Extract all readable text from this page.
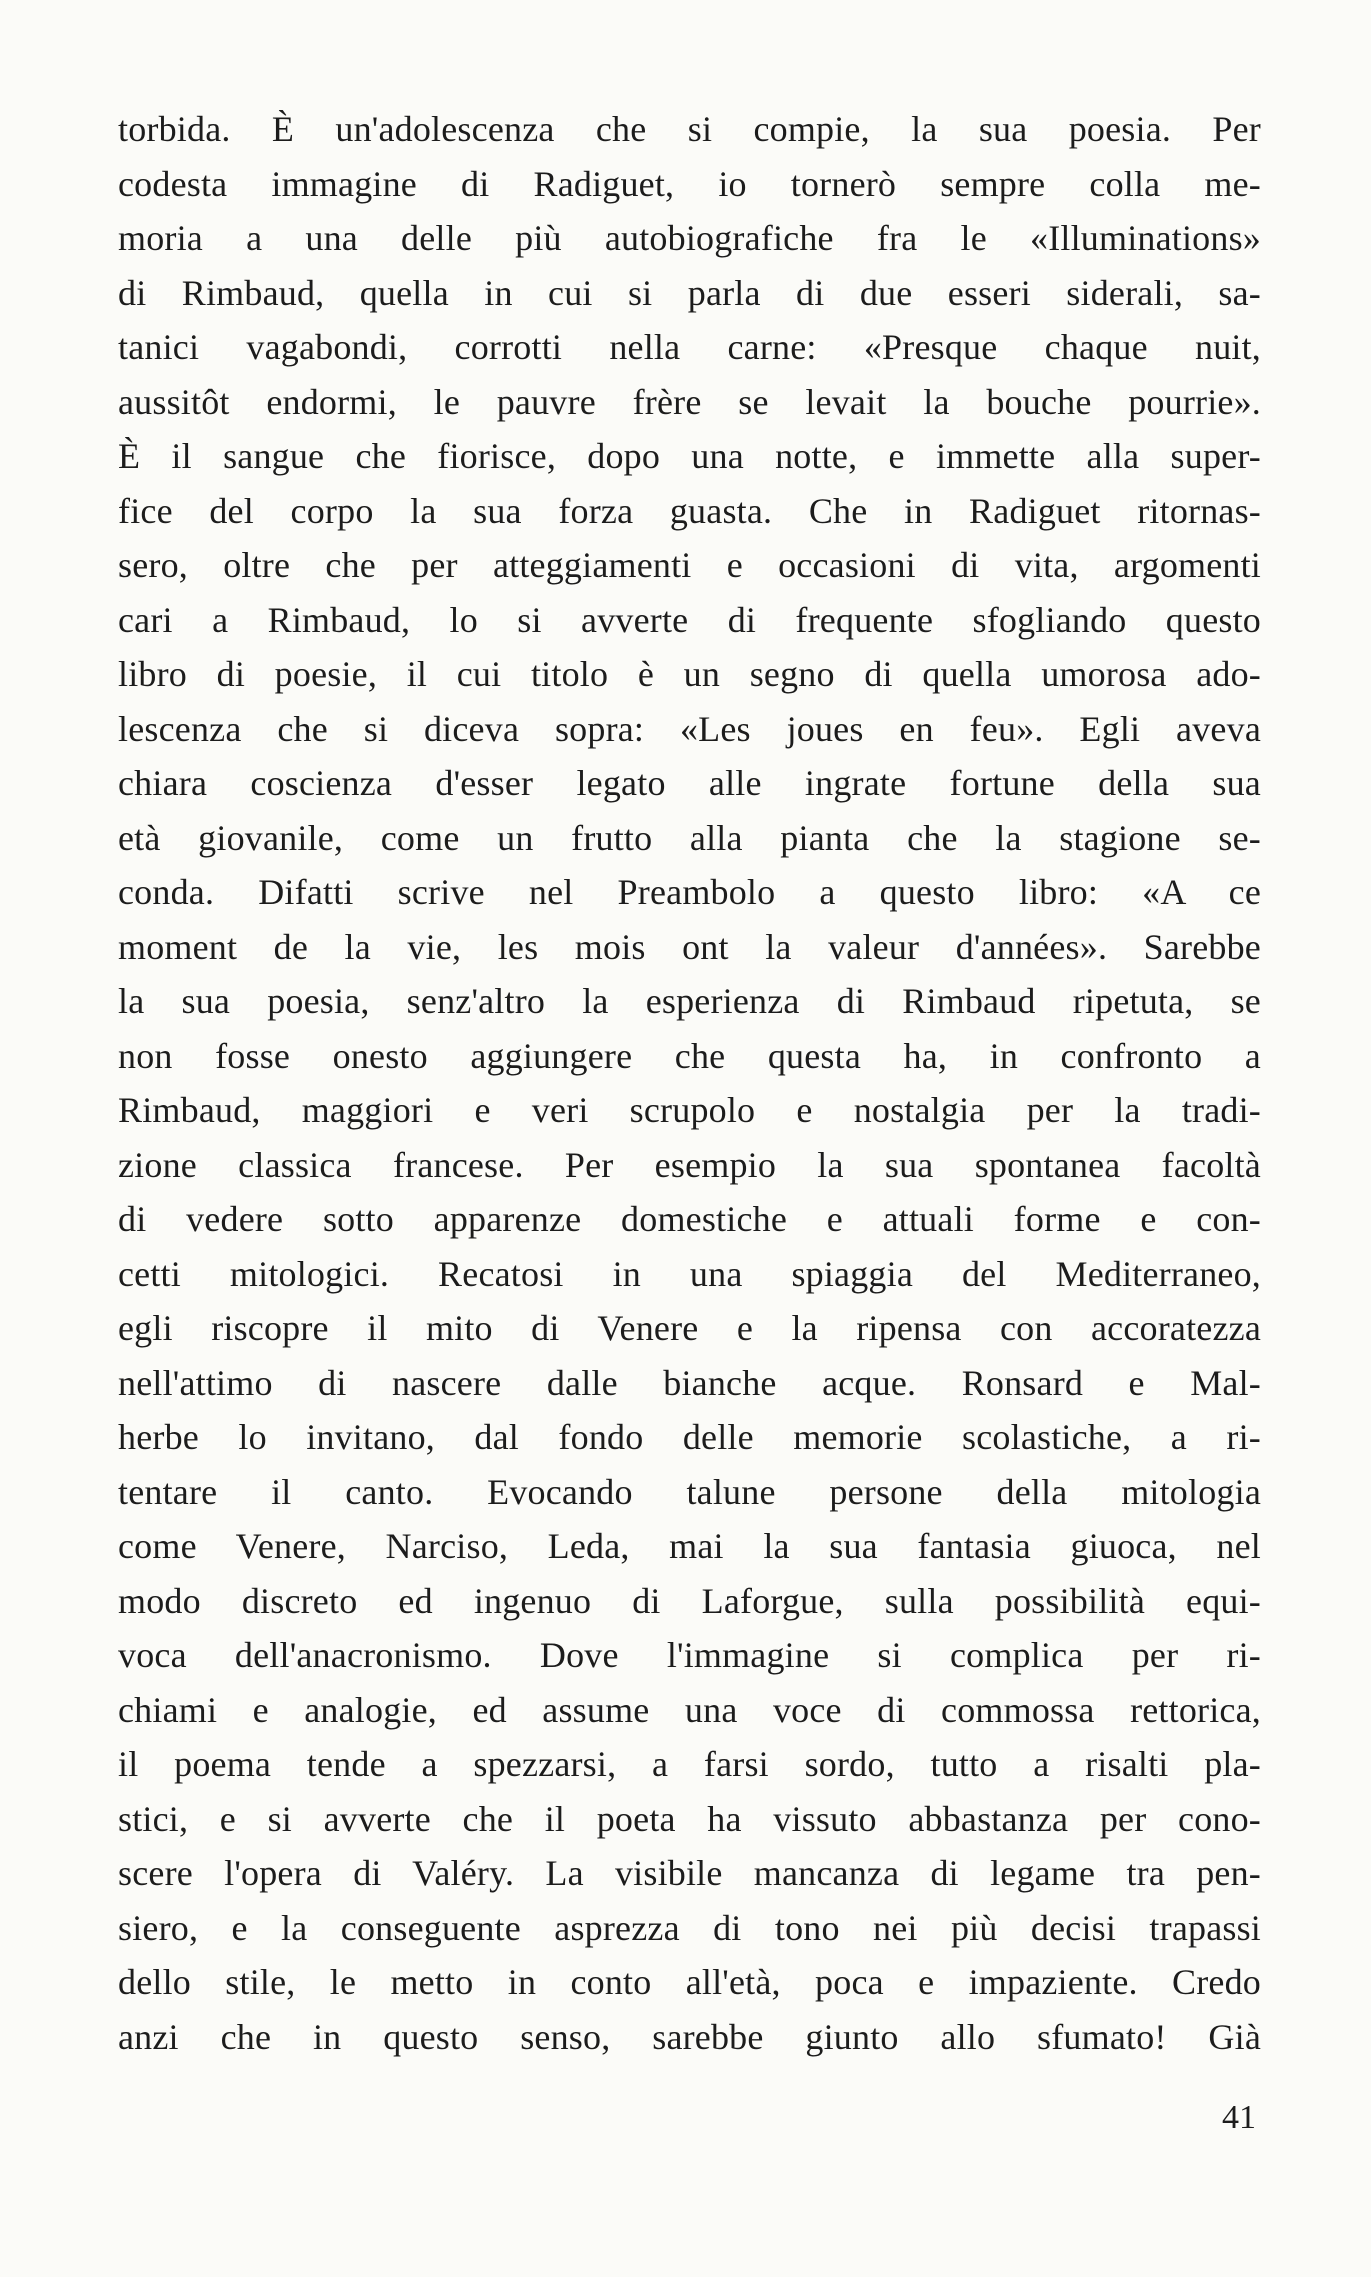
torbida. È un'adolescenza che si compie, la sua poesia. Per
codesta immagine di Radiguet, io tornerò sempre colla me-
moria a una delle più autobiografiche fra le «Illuminations»
di Rimbaud, quella in cui si parla di due esseri siderali, sa-
tanici vagabondi, corrotti nella carne: «Presque chaque nuit,
aussitôt endormi, le pauvre frère se levait la bouche pourrie».
È il sangue che fiorisce, dopo una notte, e immette alla super-
fice del corpo la sua forza guasta. Che in Radiguet ritornas-
sero, oltre che per atteggiamenti e occasioni di vita, argomenti
cari a Rimbaud, lo si avverte di frequente sfogliando questo
libro di poesie, il cui titolo è un segno di quella umorosa ado-
lescenza che si diceva sopra: «Les joues en feu». Egli aveva
chiara coscienza d'esser legato alle ingrate fortune della sua
età giovanile, come un frutto alla pianta che la stagione se-
conda. Difatti scrive nel Preambolo a questo libro: «A ce
moment de la vie, les mois ont la valeur d'années». Sarebbe
la sua poesia, senz'altro la esperienza di Rimbaud ripetuta, se
non fosse onesto aggiungere che questa ha, in confronto a
Rimbaud, maggiori e veri scrupolo e nostalgia per la tradi-
zione classica francese. Per esempio la sua spontanea facoltà
di vedere sotto apparenze domestiche e attuali forme e con-
cetti mitologici. Recatosi in una spiaggia del Mediterraneo,
egli riscopre il mito di Venere e la ripensa con accoratezza
nell'attimo di nascere dalle bianche acque. Ronsard e Mal-
herbe lo invitano, dal fondo delle memorie scolastiche, a ri-
tentare il canto. Evocando talune persone della mitologia
come Venere, Narciso, Leda, mai la sua fantasia giuoca, nel
modo discreto ed ingenuo di Laforgue, sulla possibilità equi-
voca dell'anacronismo. Dove l'immagine si complica per ri-
chiami e analogie, ed assume una voce di commossa rettorica,
il poema tende a spezzarsi, a farsi sordo, tutto a risalti pla-
stici, e si avverte che il poeta ha vissuto abbastanza per cono-
scere l'opera di Valéry. La visibile mancanza di legame tra pen-
siero, e la conseguente asprezza di tono nei più decisi trapassi
dello stile, le metto in conto all'età, poca e impaziente. Credo
anzi che in questo senso, sarebbe giunto allo sfumato! Già
41
